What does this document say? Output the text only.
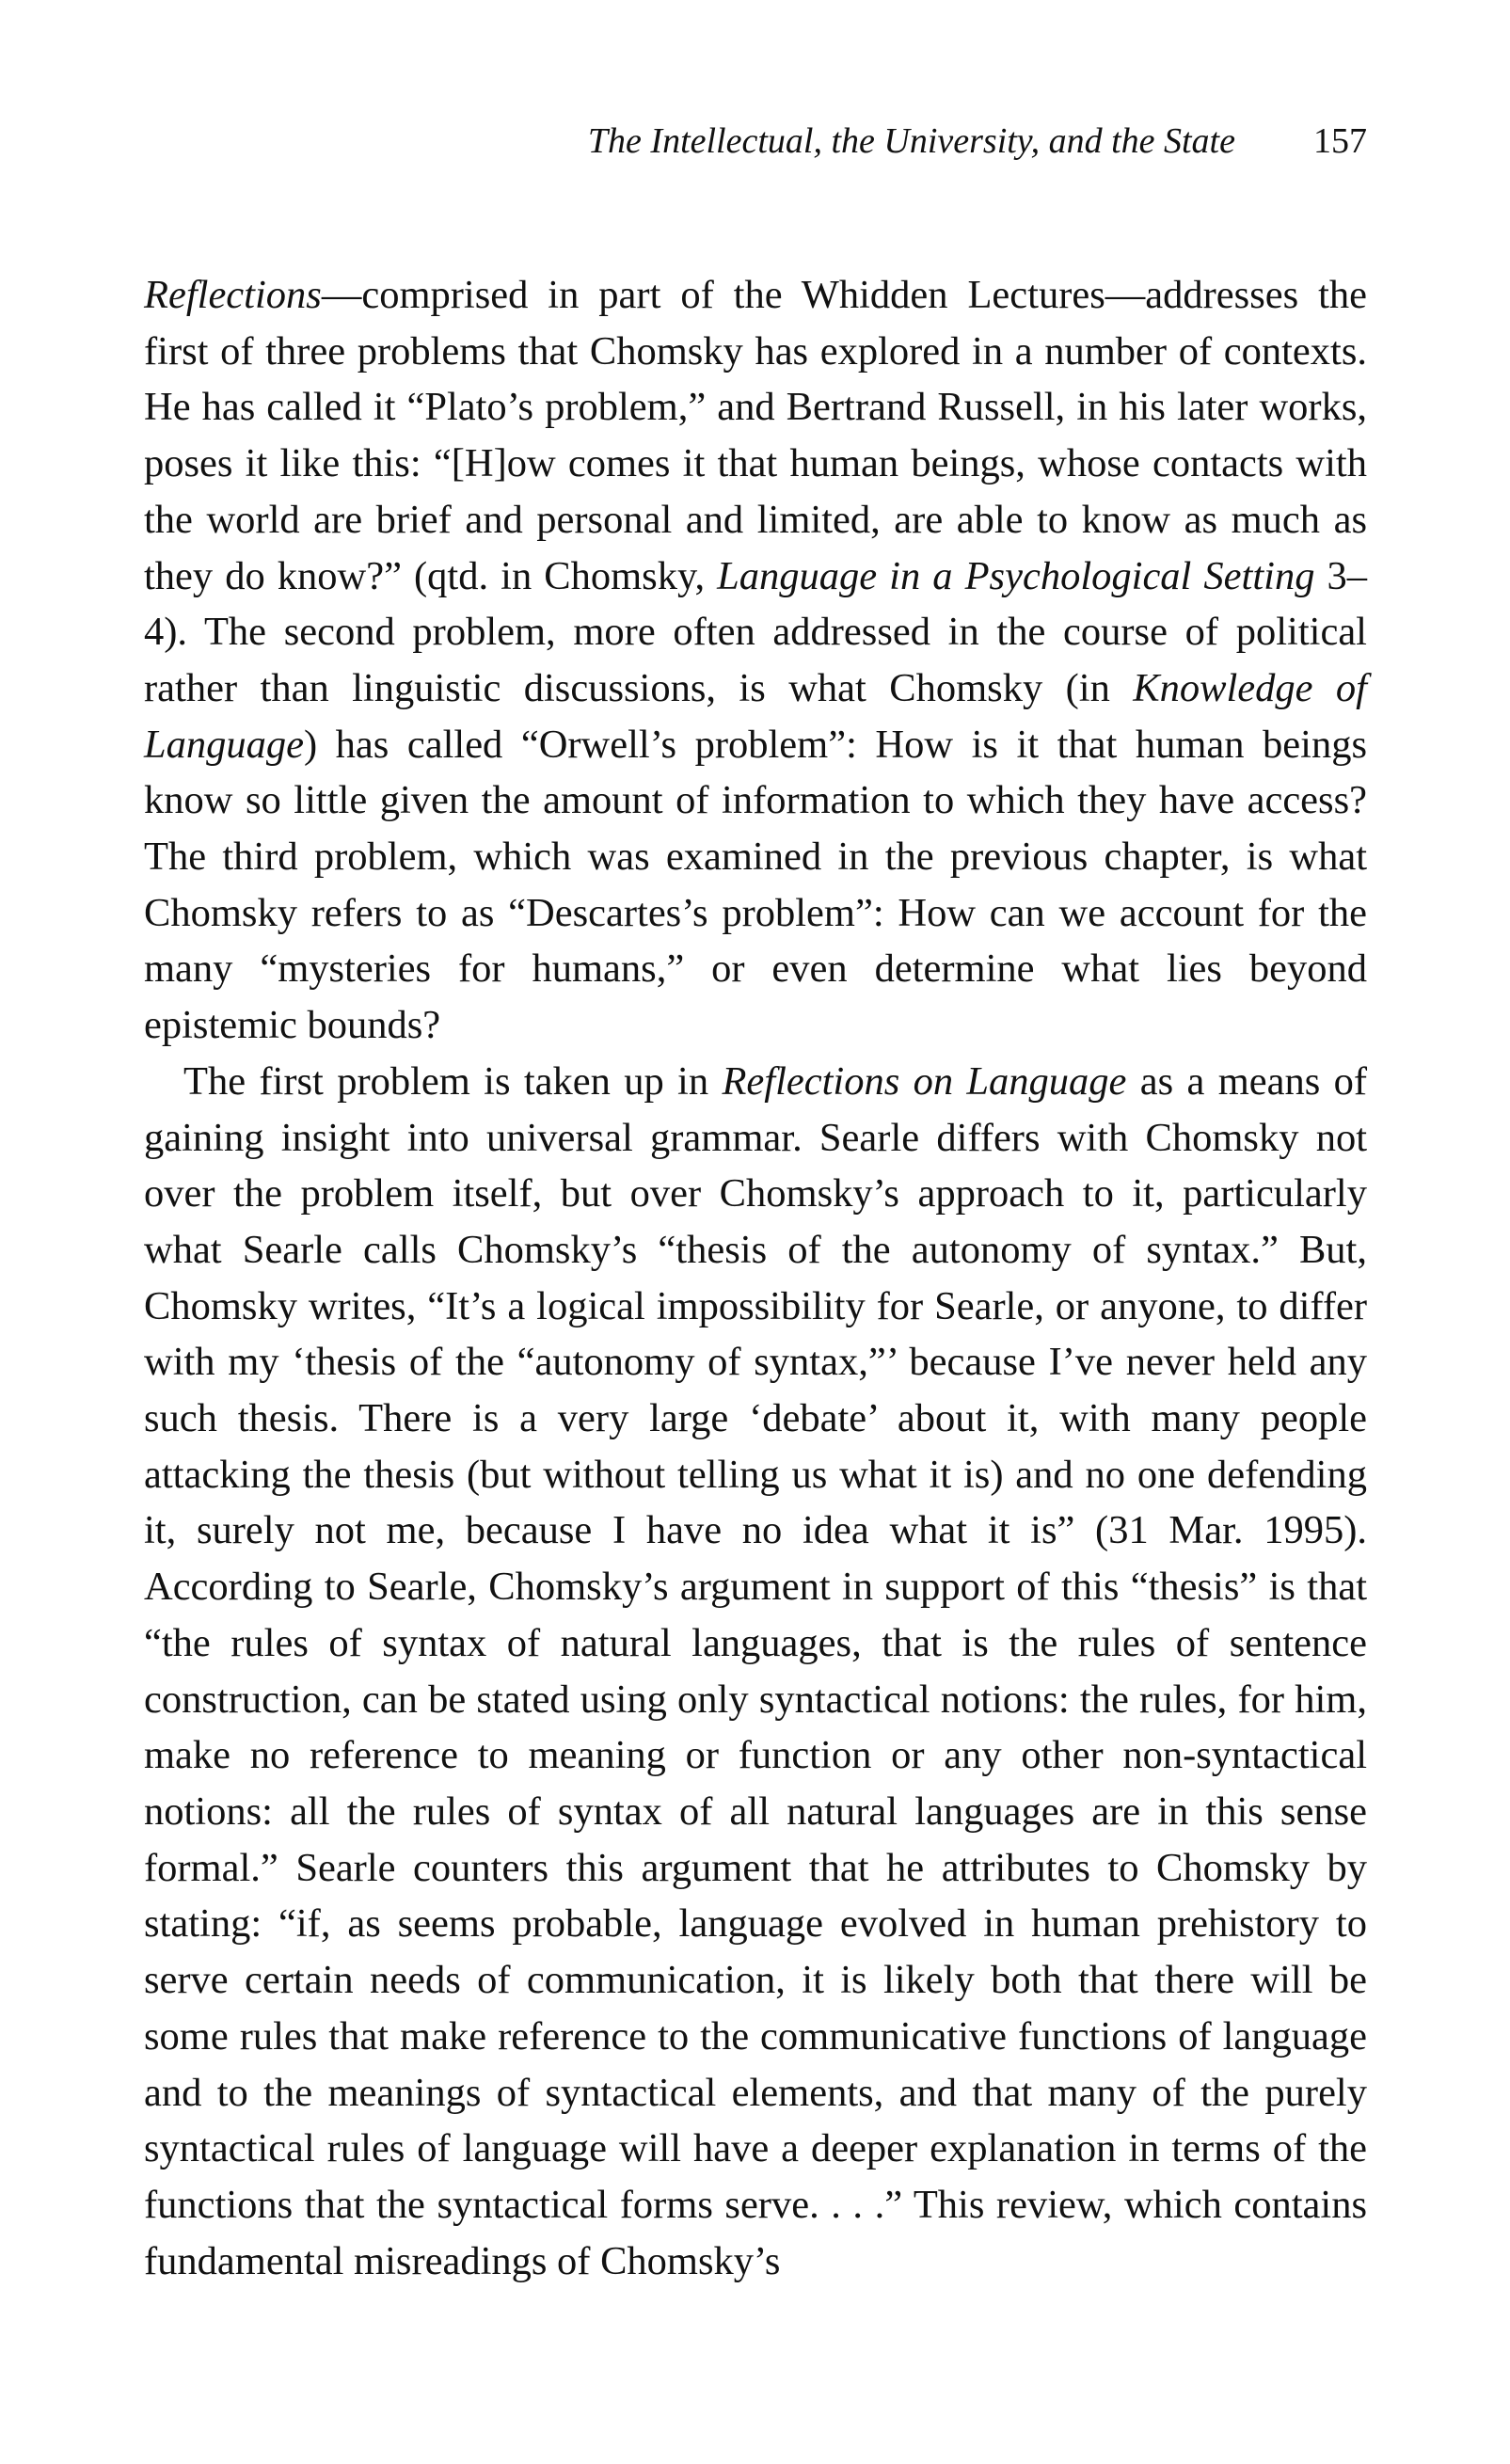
The Intellectual, the University, and the State 157

Reflections—comprised in part of the Whidden Lectures—addresses the first of three problems that Chomsky has explored in a number of contexts. He has called it “Plato’s problem,” and Bertrand Russell, in his later works, poses it like this: “[H]ow comes it that human beings, whose contacts with the world are brief and personal and limited, are able to know as much as they do know?” (qtd. in Chomsky, Language in a Psychological Setting 3–4). The second problem, more often addressed in the course of political rather than linguistic discussions, is what Chomsky (in Knowledge of Language) has called “Orwell’s problem”: How is it that human beings know so little given the amount of information to which they have access? The third problem, which was examined in the previous chapter, is what Chomsky refers to as “Descartes’s problem”: How can we account for the many “mysteries for humans,” or even determine what lies beyond epistemic bounds?

The first problem is taken up in Reflections on Language as a means of gaining insight into universal grammar. Searle differs with Chomsky not over the problem itself, but over Chomsky’s approach to it, particularly what Searle calls Chomsky’s “thesis of the autonomy of syntax.” But, Chomsky writes, “It’s a logical impossibility for Searle, or anyone, to differ with my ‘thesis of the “autonomy of syntax,”’ because I’ve never held any such thesis. There is a very large ‘debate’ about it, with many people attacking the thesis (but without telling us what it is) and no one defending it, surely not me, because I have no idea what it is” (31 Mar. 1995). According to Searle, Chomsky’s argument in support of this “thesis” is that “the rules of syntax of natural languages, that is the rules of sentence construction, can be stated using only syntactical notions: the rules, for him, make no reference to meaning or function or any other non-syntactical notions: all the rules of syntax of all natural languages are in this sense formal.” Searle counters this argument that he attributes to Chomsky by stating: “if, as seems probable, language evolved in human prehistory to serve certain needs of communication, it is likely both that there will be some rules that make reference to the communicative functions of language and to the meanings of syntactical elements, and that many of the purely syntactical rules of language will have a deeper explanation in terms of the functions that the syntactical forms serve. . . .” This review, which contains fundamental misreadings of Chomsky’s
